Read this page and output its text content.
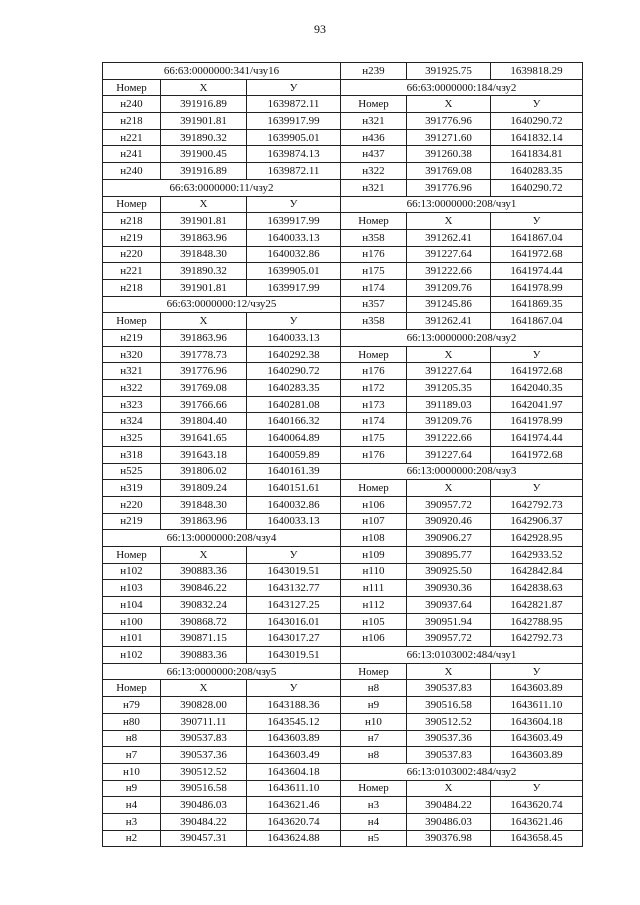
93
66:63:0000000:341/чзу16			н239	391925.75	1639818.29
Номер	Х	У	66:63:0000000:184/чзу2		
н240	391916.89	1639872.11	Номер	Х	У
н218	391901.81	1639917.99	н321	391776.96	1640290.72
н221	391890.32	1639905.01	н436	391271.60	1641832.14
н241	391900.45	1639874.13	н437	391260.38	1641834.81
н240	391916.89	1639872.11	н322	391769.08	1640283.35
66:63:0000000:11/чзу2			н321	391776.96	1640290.72
Номер	Х	У	66:13:0000000:208/чзу1		
н218	391901.81	1639917.99	Номер	Х	У
н219	391863.96	1640033.13	н358	391262.41	1641867.04
н220	391848.30	1640032.86	н176	391227.64	1641972.68
н221	391890.32	1639905.01	н175	391222.66	1641974.44
н218	391901.81	1639917.99	н174	391209.76	1641978.99
66:63:0000000:12/чзу25			н357	391245.86	1641869.35
Номер	Х	У	н358	391262.41	1641867.04
н219	391863.96	1640033.13	66:13:0000000:208/чзу2		
н320	391778.73	1640292.38	Номер	Х	У
н321	391776.96	1640290.72	н176	391227.64	1641972.68
н322	391769.08	1640283.35	н172	391205.35	1642040.35
н323	391766.66	1640281.08	н173	391189.03	1642041.97
н324	391804.40	1640166.32	н174	391209.76	1641978.99
н325	391641.65	1640064.89	н175	391222.66	1641974.44
н318	391643.18	1640059.89	н176	391227.64	1641972.68
н525	391806.02	1640161.39	66:13:0000000:208/чзу3		
н319	391809.24	1640151.61	Номер	Х	У
н220	391848.30	1640032.86	н106	390957.72	1642792.73
н219	391863.96	1640033.13	н107	390920.46	1642906.37
66:13:0000000:208/чзу4			н108	390906.27	1642928.95
Номер	Х	У	н109	390895.77	1642933.52
н102	390883.36	1643019.51	н110	390925.50	1642842.84
н103	390846.22	1643132.77	н111	390930.36	1642838.63
н104	390832.24	1643127.25	н112	390937.64	1642821.87
н100	390868.72	1643016.01	н105	390951.94	1642788.95
н101	390871.15	1643017.27	н106	390957.72	1642792.73
н102	390883.36	1643019.51	66:13:0103002:484/чзу1		
66:13:0000000:208/чзу5			Номер	Х	У
Номер	Х	У	н8	390537.83	1643603.89
н79	390828.00	1643188.36	н9	390516.58	1643611.10
н80	390711.11	1643545.12	н10	390512.52	1643604.18
н8	390537.83	1643603.89	н7	390537.36	1643603.49
н7	390537.36	1643603.49	н8	390537.83	1643603.89
н10	390512.52	1643604.18	66:13:0103002:484/чзу2		
н9	390516.58	1643611.10	Номер	Х	У
н4	390486.03	1643621.46	н3	390484.22	1643620.74
н3	390484.22	1643620.74	н4	390486.03	1643621.46
н2	390457.31	1643624.88	н5	390376.98	1643658.45
